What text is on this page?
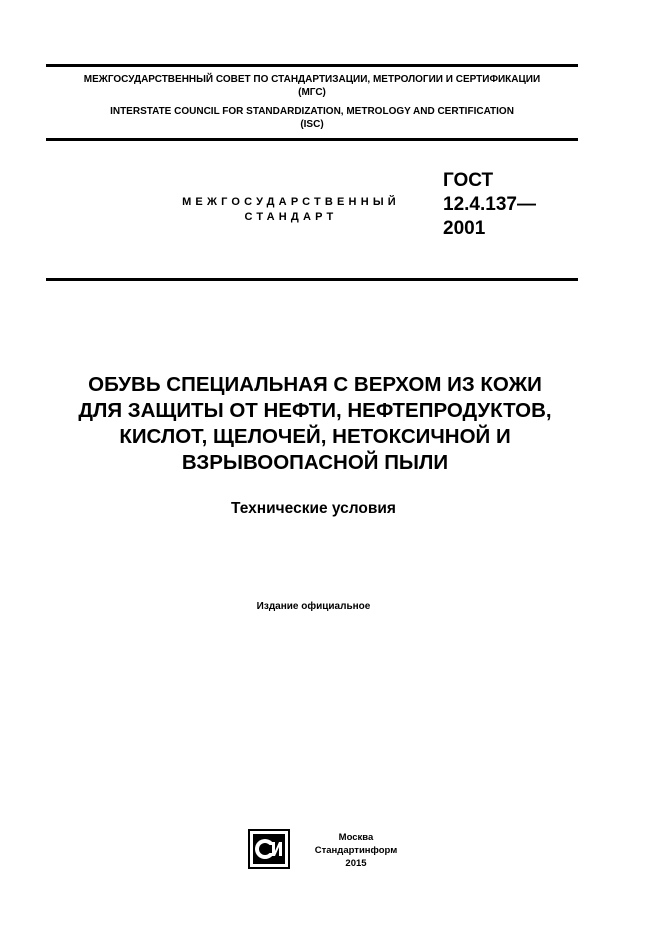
МЕЖГОСУДАРСТВЕННЫЙ СОВЕТ ПО СТАНДАРТИЗАЦИИ, МЕТРОЛОГИИ И СЕРТИФИКАЦИИ
(МГС)
INTERSTATE COUNCIL FOR STANDARDIZATION, METROLOGY AND CERTIFICATION
(ISC)
МЕЖГОСУДАРСТВЕННЫЙ
СТАНДАРТ
ГОСТ
12.4.137—
2001
ОБУВЬ СПЕЦИАЛЬНАЯ С ВЕРХОМ ИЗ КОЖИ
ДЛЯ ЗАЩИТЫ ОТ НЕФТИ, НЕФТЕПРОДУКТОВ,
КИСЛОТ, ЩЕЛОЧЕЙ, НЕТОКСИЧНОЙ И
ВЗРЫВООПАСНОЙ ПЫЛИ
Технические условия
Издание официальное
Москва
Стандартинформ
2015
